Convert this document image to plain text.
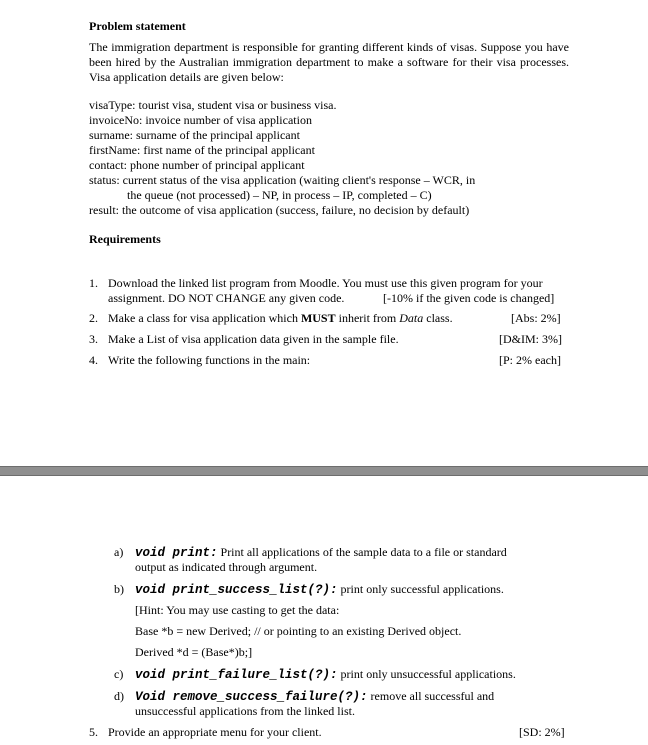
Problem statement
The immigration department is responsible for granting different kinds of visas. Suppose you have been hired by the Australian immigration department to make a software for their visa processes. Visa application details are given below:
visaType: tourist visa, student visa or business visa.
invoiceNo: invoice number of visa application
surname: surname of the principal applicant
firstName: first name of the principal applicant
contact: phone number of principal applicant
status: current status of the visa application (waiting client's response – WCR, in
the queue (not processed) – NP, in process – IP, completed – C)
result: the outcome of visa application (success, failure, no decision by default)
Requirements
1. Download the linked list program from Moodle. You must use this given program for your
assignment. DO NOT CHANGE any given code.	[-10% if the given code is changed]
2. Make a class for visa application which MUST inherit from Data class.	[Abs: 2%]
3. Make a List of visa application data given in the sample file.	[D&IM: 3%]
4. Write the following functions in the main:	[P: 2% each]
a) void print: Print all applications of the sample data to a file or standard
output as indicated through argument.
b) void print_success_list(?): print only successful applications.
[Hint: You may use casting to get the data:
Base *b = new Derived; // or pointing to an existing Derived object.
Derived *d = (Base*)b;]
c) void print_failure_list(?): print only unsuccessful applications.
d) Void remove_success_failure(?): remove all successful and
unsuccessful applications from the linked list.
5. Provide an appropriate menu for your client.	[SD: 2%]
